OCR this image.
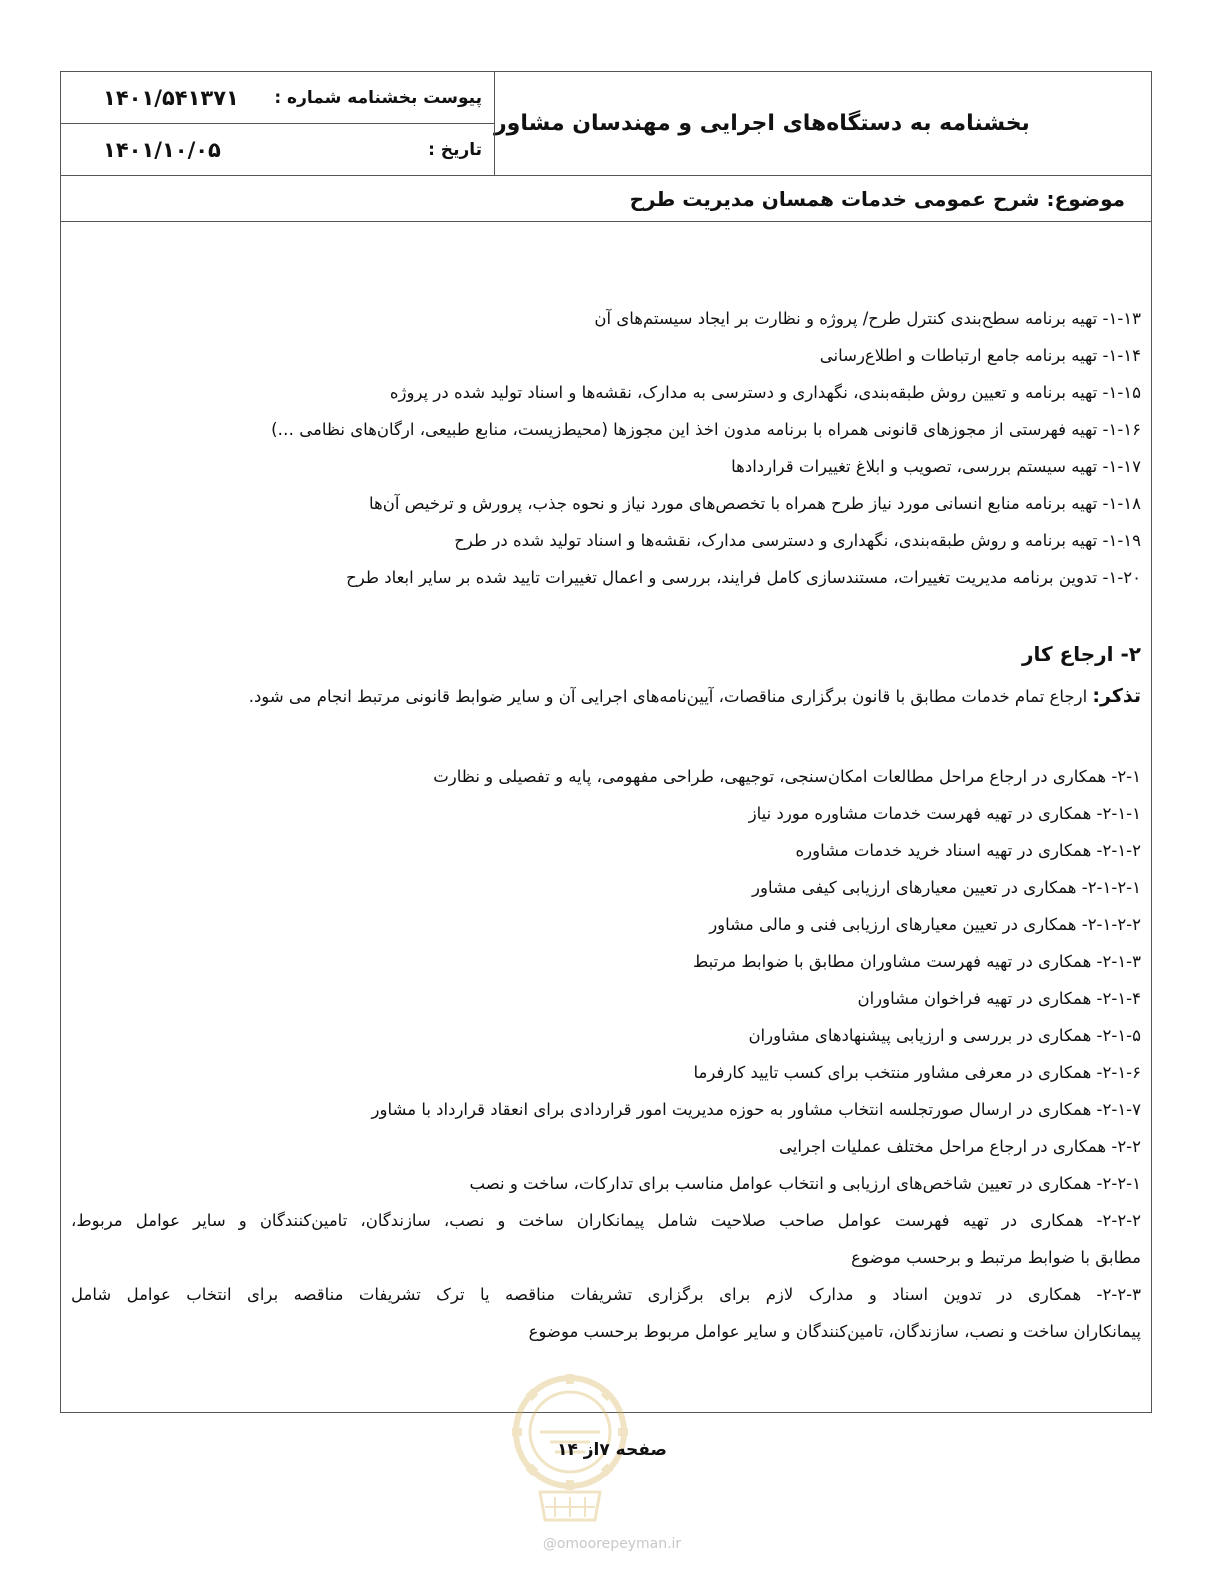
بخشنامه به دستگاه‌های اجرایی و مهندسان مشاور
پیوست بخشنامه شماره :
۱۴۰۱/۵۴۱۳۷۱
تاریخ :
۱۴۰۱/۱۰/۰۵
موضوع: شرح عمومی خدمات همسان مدیریت طرح
۱-۱۳- تهیه برنامه سطح‌بندی کنترل طرح/ پروژه و نظارت بر ایجاد سیستم‌های آن
۱-۱۴- تهیه برنامه جامع ارتباطات و اطلاع‌رسانی
۱-۱۵- تهیه برنامه و تعیین روش طبقه‌بندی، نگهداری و دسترسی به مدارک، نقشه‌ها و اسناد تولید شده در پروژه
۱-۱۶- تهیه فهرستی از مجوزهای قانونی همراه با برنامه مدون اخذ این مجوزها (محیط‌زیست، منابع طبیعی، ارگان‌های نظامی …)
۱-۱۷- تهیه سیستم بررسی، تصویب و ابلاغ تغییرات قراردادها
۱-۱۸- تهیه برنامه منابع انسانی مورد نیاز طرح همراه با تخصص‌های مورد نیاز و نحوه جذب، پرورش و ترخیص آن‌ها
۱-۱۹- تهیه برنامه و روش طبقه‌بندی، نگهداری و دسترسی مدارک، نقشه‌ها و اسناد تولید شده در طرح
۱-۲۰- تدوین برنامه مدیریت تغییرات، مستندسازی کامل فرایند، بررسی و اعمال تغییرات تایید شده بر سایر ابعاد طرح
۲- ارجاع کار
تذکر: ارجاع تمام خدمات مطابق با قانون برگزاری مناقصات، آیین‌نامه‌های اجرایی آن و سایر ضوابط قانونی مرتبط انجام می شود.
۲-۱- همکاری در ارجاع مراحل مطالعات امکان‌سنجی، توجیهی، طراحی مفهومی، پایه و تفصیلی و نظارت
۲-۱-۱- همکاری در تهیه فهرست خدمات مشاوره مورد نیاز
۲-۱-۲- همکاری در تهیه اسناد خرید خدمات مشاوره
۲-۱-۲-۱- همکاری در تعیین معیارهای ارزیابی کیفی مشاور
۲-۱-۲-۲- همکاری در تعیین معیارهای ارزیابی فنی و مالی مشاور
۲-۱-۳- همکاری در تهیه فهرست مشاوران مطابق با ضوابط مرتبط
۲-۱-۴- همکاری در تهیه فراخوان مشاوران
۲-۱-۵- همکاری در بررسی و ارزیابی پیشنهادهای مشاوران
۲-۱-۶- همکاری در معرفی مشاور منتخب برای کسب تایید کارفرما
۲-۱-۷- همکاری در ارسال صورتجلسه انتخاب مشاور به حوزه مدیریت امور قراردادی برای انعقاد قرارداد با مشاور
۲-۲- همکاری در ارجاع مراحل مختلف عملیات اجرایی
۲-۲-۱- همکاری در تعیین شاخص‌های ارزیابی و انتخاب عوامل مناسب برای تدارکات، ساخت و نصب
۲-۲-۲- همکاری در تهیه فهرست عوامل صاحب صلاحیت شامل پیمانکاران ساخت و نصب، سازندگان، تامین‌کنندگان و سایر عوامل مربوط،
مطابق با ضوابط مرتبط و برحسب موضوع
۲-۲-۳- همکاری در تدوین اسناد و مدارک لازم برای برگزاری تشریفات مناقصه یا ترک تشریفات مناقصه برای انتخاب عوامل شامل
پیمانکاران ساخت و نصب، سازندگان، تامین‌کنندگان و سایر عوامل مربوط برحسب موضوع
صفحه ۷از ۱۴
@omoorepeyman.ir
